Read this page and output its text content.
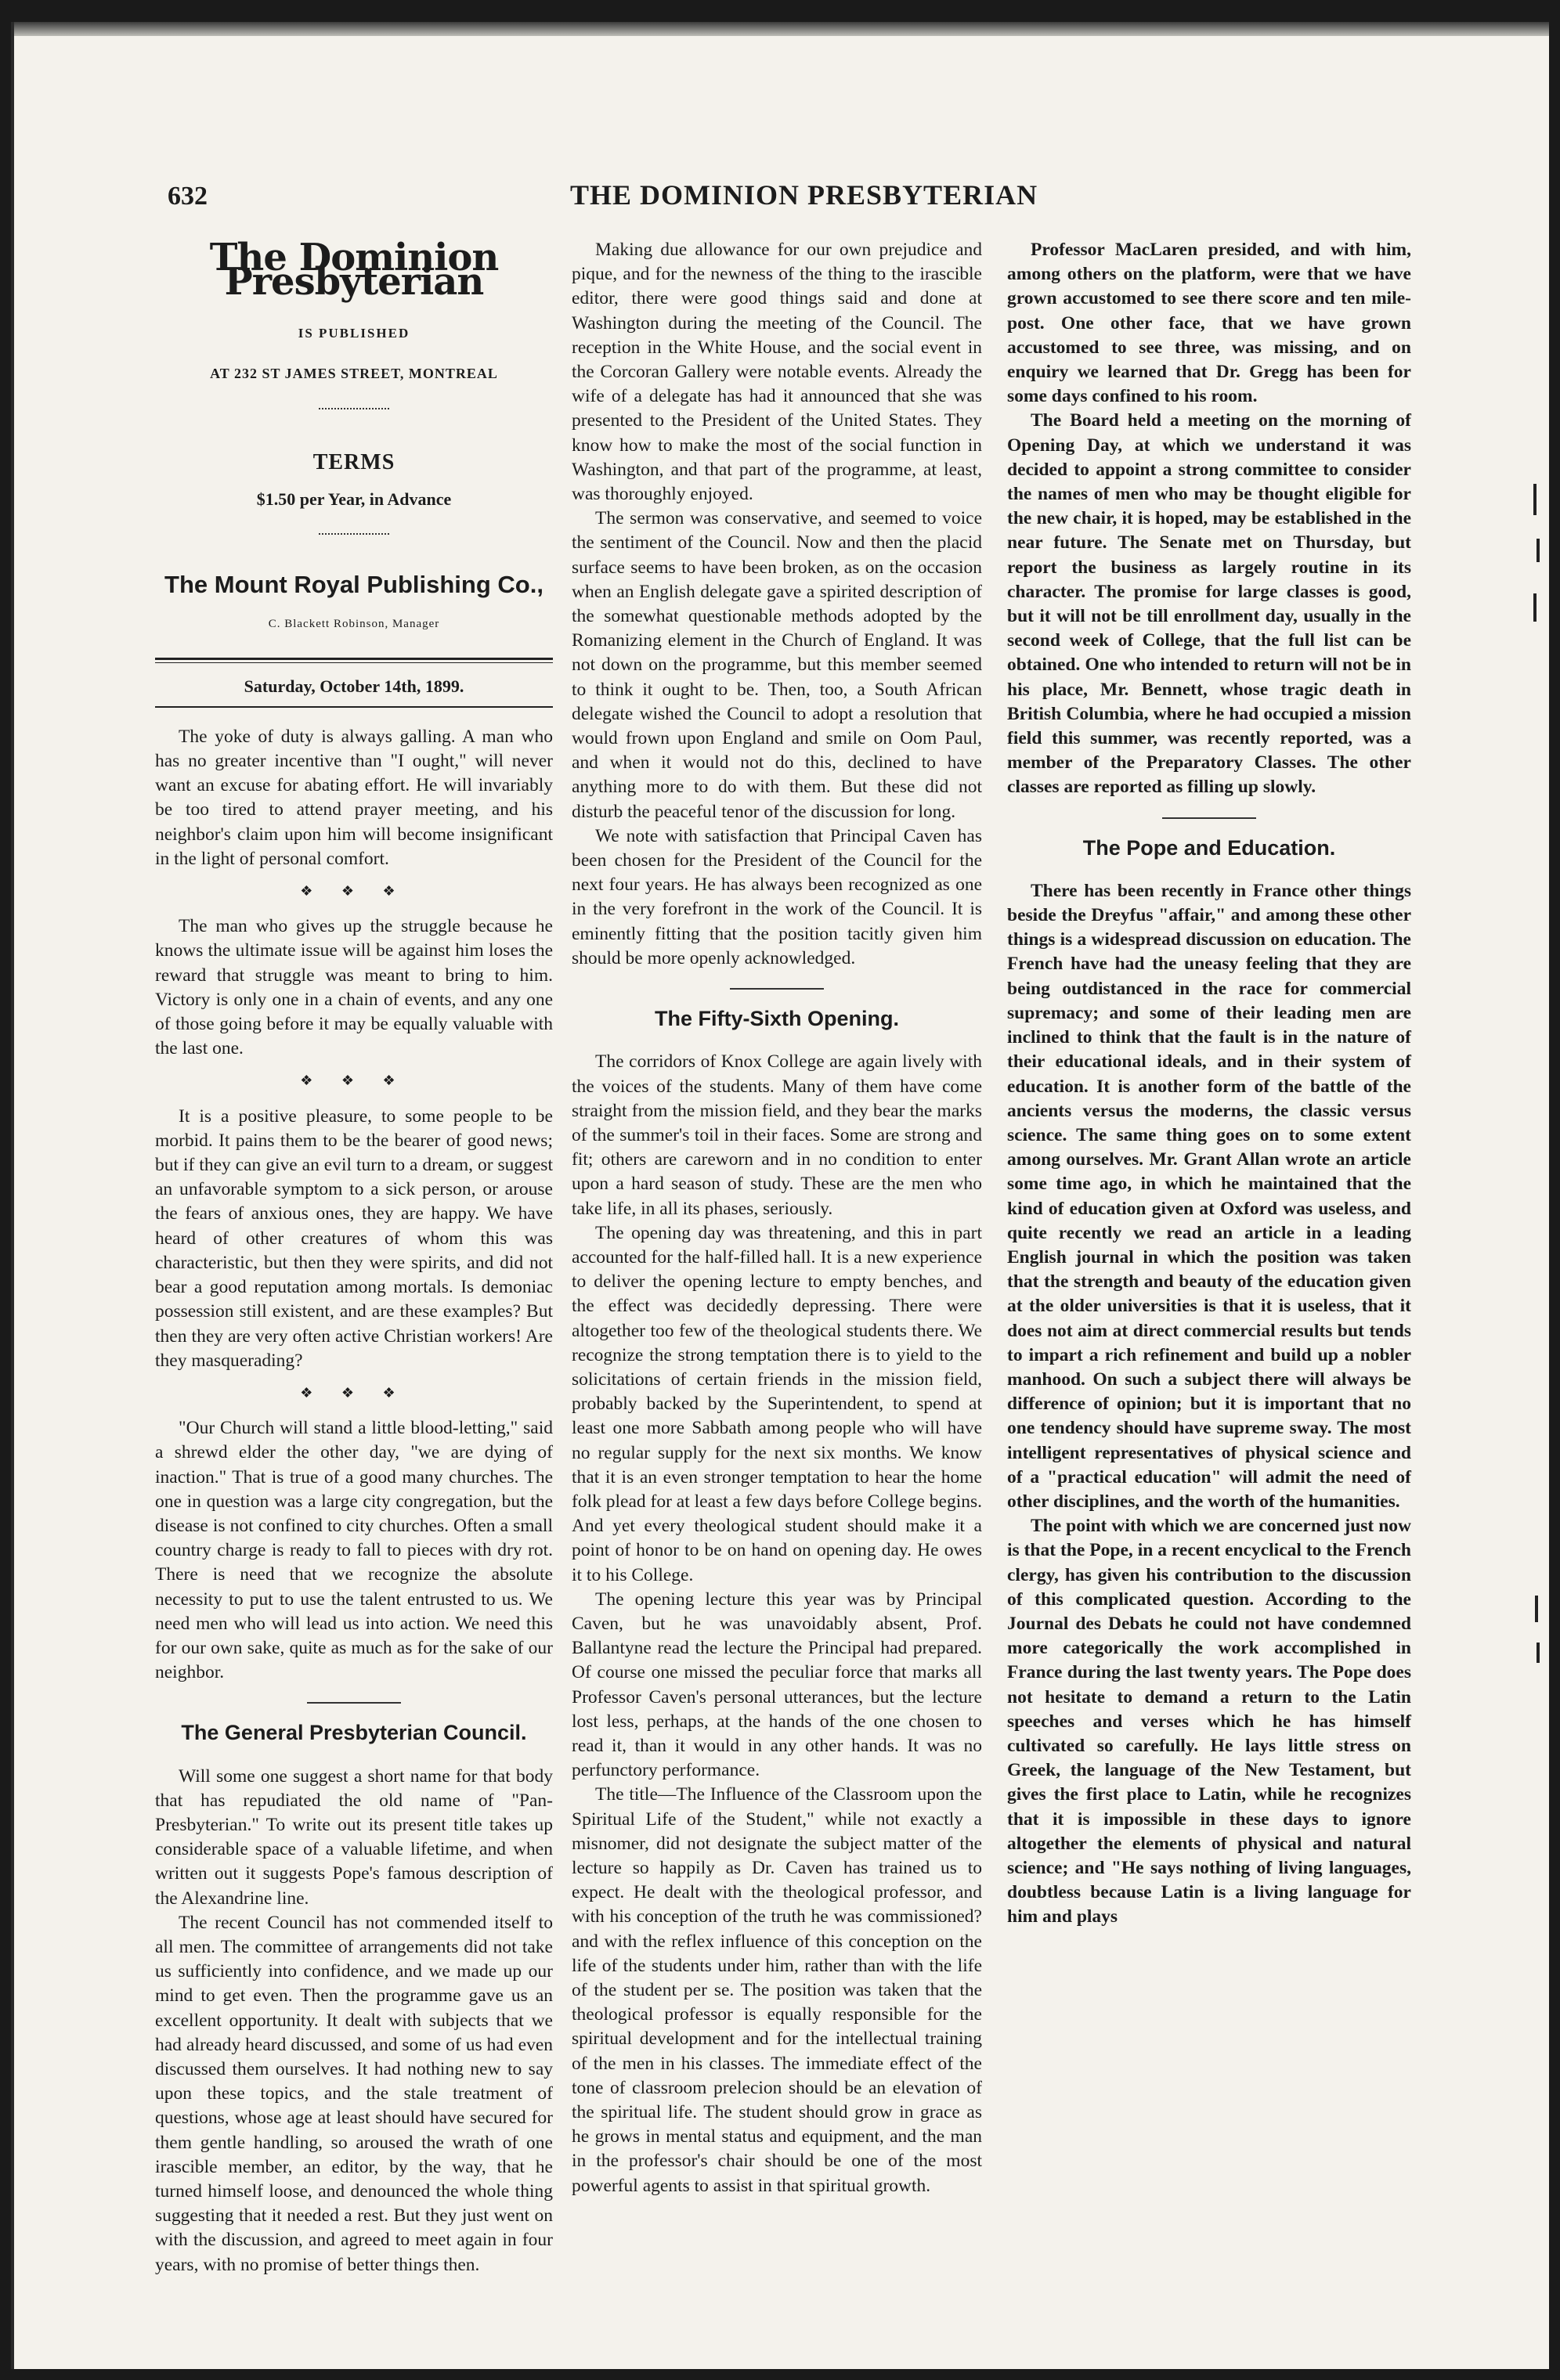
632	THE DOMINION PRESBYTERIAN
The Dominion Presbyterian
IS PUBLISHED
AT 232 ST JAMES STREET, MONTREAL
TERMS
$1.50 per Year, in Advance
The Mount Royal Publishing Co.,
C. Blackett Robinson, Manager
Saturday, October 14th, 1899.

The yoke of duty is always galling. A man who has no greater incentive than "I ought," will never want an excuse for abating effort. He will invariably be too tired to attend prayer meeting, and his neighbor's claim upon him will become insignificant in the light of personal comfort.

❖ ❖ ❖

The man who gives up the struggle because he knows the ultimate issue will be against him loses the reward that struggle was meant to bring to him. Victory is only one in a chain of events, and any one of those going before it may be equally valuable with the last one.

❖ ❖ ❖

It is a positive pleasure, to some people to be morbid. It pains them to be the bearer of good news; but if they can give an evil turn to a dream, or suggest an unfavorable symptom to a sick person, or arouse the fears of anxious ones, they are happy. We have heard of other creatures of whom this was characteristic, but then they were spirits, and did not bear a good reputation among mortals. Is demoniac possession still existent, and are these examples? But then they are very often active Christian workers! Are they masquerading?

❖ ❖ ❖

"Our Church will stand a little blood-letting," said a shrewd elder the other day, "we are dying of inaction." That is true of a good many churches. The one in question was a large city congregation, but the disease is not confined to city churches. Often a small country charge is ready to fall to pieces with dry rot. There is need that we recognize the absolute necessity to put to use the talent entrusted to us. We need men who will lead us into action. We need this for our own sake, quite as much as for the sake of our neighbor.

The General Presbyterian Council.

Will some one suggest a short name for that body that has repudiated the old name of "Pan-Presbyterian." To write out its present title takes up considerable space of a valuable lifetime, and when written out it suggests Pope's famous description of the Alexandrine line.

The recent Council has not commended itself to all men. The committee of arrangements did not take us sufficiently into confidence, and we made up our mind to get even. Then the programme gave us an excellent opportunity. It dealt with subjects that we had already heard discussed, and some of us had even discussed them ourselves. It had nothing new to say upon these topics, and the stale treatment of questions, whose age at least should have secured for them gentle handling, so aroused the wrath of one irascible member, an editor, by the way, that he turned himself loose, and denounced the whole thing suggesting that it needed a rest. But they just went on with the discussion, and agreed to meet again in four years, with no promise of better things then.

Making due allowance for our own prejudice and pique, and for the newness of the thing to the irascible editor, there were good things said and done at Washington during the meeting of the Council. The reception in the White House, and the social event in the Corcoran Gallery were notable events. Already the wife of a delegate has had it announced that she was presented to the President of the United States. They know how to make the most of the social function in Washington, and that part of the programme, at least, was thoroughly enjoyed.

The sermon was conservative, and seemed to voice the sentiment of the Council. Now and then the placid surface seems to have been broken, as on the occasion when an English delegate gave a spirited description of the somewhat questionable methods adopted by the Romanizing element in the Church of England. It was not down on the programme, but this member seemed to think it ought to be. Then, too, a South African delegate wished the Council to adopt a resolution that would frown upon England and smile on Oom Paul, and when it would not do this, declined to have anything more to do with them. But these did not disturb the peaceful tenor of the discussion for long.

We note with satisfaction that Principal Caven has been chosen for the President of the Council for the next four years. He has always been recognized as one in the very forefront in the work of the Council. It is eminently fitting that the position tacitly given him should be more openly acknowledged.

The Fifty-Sixth Opening.

The corridors of Knox College are again lively with the voices of the students. Many of them have come straight from the mission field, and they bear the marks of the summer's toil in their faces. Some are strong and fit; others are careworn and in no condition to enter upon a hard season of study. These are the men who take life, in all its phases, seriously.

The opening day was threatening, and this in part accounted for the half-filled hall. It is a new experience to deliver the opening lecture to empty benches, and the effect was decidedly depressing. There were altogether too few of the theological students there. We recognize the strong temptation there is to yield to the solicitations of certain friends in the mission field, probably backed by the Superintendent, to spend at least one more Sabbath among people who will have no regular supply for the next six months. We know that it is an even stronger temptation to hear the home folk plead for at least a few days before College begins. And yet every theological student should make it a point of honor to be on hand on opening day. He owes it to his College.

The opening lecture this year was by Principal Caven, but he was unavoidably absent, Prof. Ballantyne read the lecture the Principal had prepared. Of course one missed the peculiar force that marks all Professor Caven's personal utterances, but the lecture lost less, perhaps, at the hands of the one chosen to read it, than it would in any other hands. It was no perfunctory performance.

The title—The Influence of the Classroom upon the Spiritual Life of the Student," while not exactly a misnomer, did not designate the subject matter of the lecture so happily as Dr. Caven has trained us to expect. He dealt with the theological professor, and with his conception of the truth he was commissioned? and with the reflex influence of this conception on the life of the students under him, rather than with the life of the student per se. The position was taken that the theological professor is equally responsible for the spiritual development and for the intellectual training of the men in his classes. The immediate effect of the tone of classroom prelecion should be an elevation of the spiritual life. The student should grow in grace as he grows in mental status and equipment, and the man in the professor's chair should be one of the most powerful agents to assist in that spiritual growth.

Professor MacLaren presided, and with him, among others on the platform, were that we have grown accustomed to see there score and ten mile-post. One other face, that we have grown accustomed to see three, was missing, and on enquiry we learned that Dr. Gregg has been for some days confined to his room.

The Board held a meeting on the morning of Opening Day, at which we understand it was decided to appoint a strong committee to consider the names of men who may be thought eligible for the new chair, it is hoped, may be established in the near future. The Senate met on Thursday, but report the business as largely routine in its character. The promise for large classes is good, but it will not be till enrollment day, usually in the second week of College, that the full list can be obtained. One who intended to return will not be in his place, Mr. Bennett, whose tragic death in British Columbia, where he had occupied a mission field this summer, was recently reported, was a member of the Preparatory Classes. The other classes are reported as filling up slowly.

The Pope and Education.

There has been recently in France other things beside the Dreyfus "affair," and among these other things is a widespread discussion on education. The French have had the uneasy feeling that they are being outdistanced in the race for commercial supremacy; and some of their leading men are inclined to think that the fault is in the nature of their educational ideals, and in their system of education. It is another form of the battle of the ancients versus the moderns, the classic versus science. The same thing goes on to some extent among ourselves. Mr. Grant Allan wrote an article some time ago, in which he maintained that the kind of education given at Oxford was useless, and quite recently we read an article in a leading English journal in which the position was taken that the strength and beauty of the education given at the older universities is that it is useless, that it does not aim at direct commercial results but tends to impart a rich refinement and build up a nobler manhood. On such a subject there will always be difference of opinion; but it is important that no one tendency should have supreme sway. The most intelligent representatives of physical science and of a "practical education" will admit the need of other disciplines, and the worth of the humanities.

The point with which we are concerned just now is that the Pope, in a recent encyclical to the French clergy, has given his contribution to the discussion of this complicated question. According to the Journal des Debats he could not have condemned more categorically the work accomplished in France during the last twenty years. The Pope does not hesitate to demand a return to the Latin speeches and verses which he has himself cultivated so carefully. He lays little stress on Greek, the language of the New Testament, but gives the first place to Latin, while he recognizes that it is impossible in these days to ignore altogether the elements of physical and natural science; and "He says nothing of living languages, doubtless because Latin is a living language for him and plays
